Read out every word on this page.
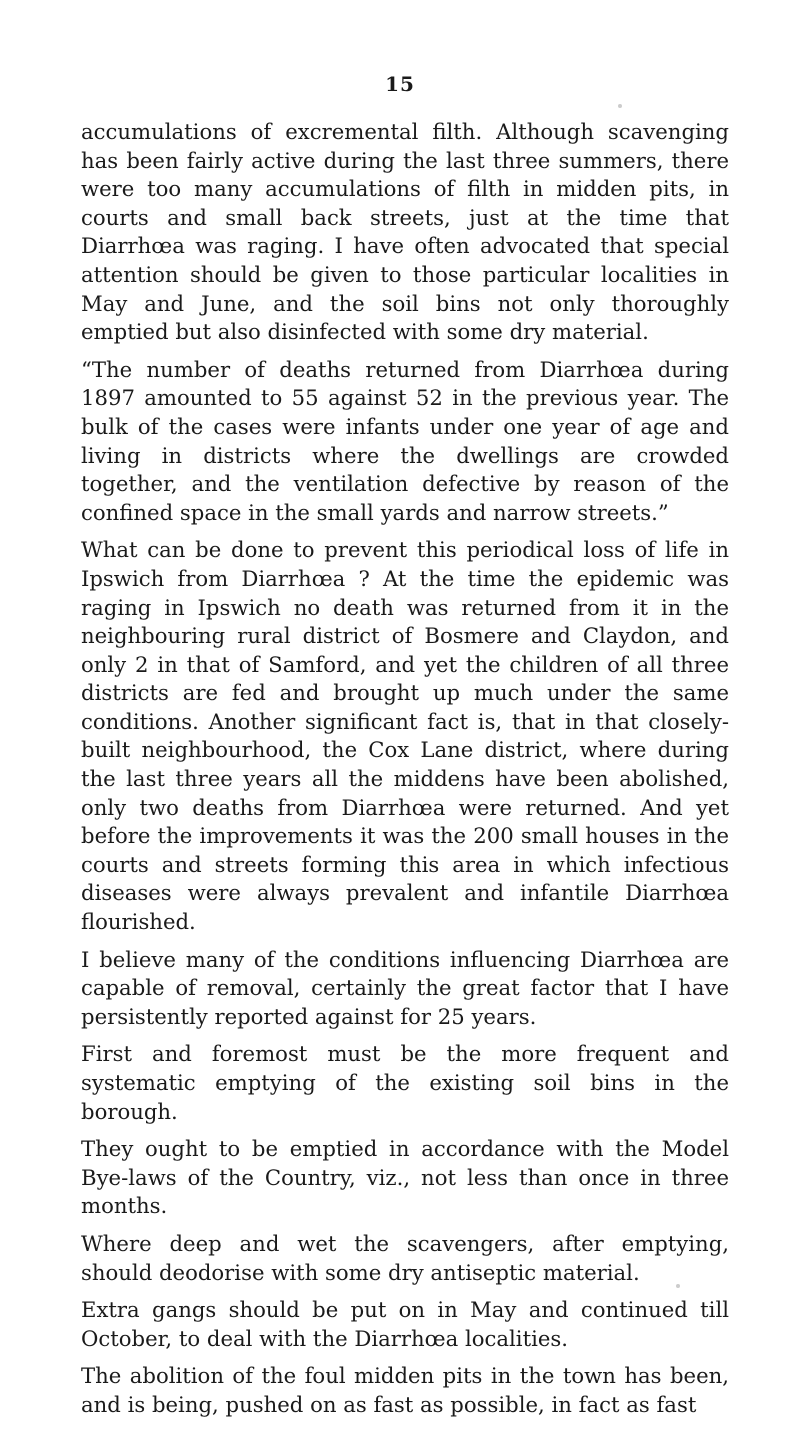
15

accumulations of excremental filth. Although scavenging has been fairly active during the last three summers, there were too many accumulations of filth in midden pits, in courts and small back streets, just at the time that Diarrhœa was raging. I have often advocated that special attention should be given to those particular localities in May and June, and the soil bins not only thoroughly emptied but also disinfected with some dry material.

“The number of deaths returned from Diarrhœa during 1897 amounted to 55 against 52 in the previous year. The bulk of the cases were infants under one year of age and living in districts where the dwellings are crowded together, and the ventilation defective by reason of the confined space in the small yards and narrow streets.”

What can be done to prevent this periodical loss of life in Ipswich from Diarrhœa ? At the time the epidemic was raging in Ipswich no death was returned from it in the neighbouring rural district of Bosmere and Claydon, and only 2 in that of Samford, and yet the children of all three districts are fed and brought up much under the same conditions. Another significant fact is, that in that closely-built neighbourhood, the Cox Lane district, where during the last three years all the middens have been abolished, only two deaths from Diarrhœa were returned. And yet before the improvements it was the 200 small houses in the courts and streets forming this area in which infectious diseases were always prevalent and infantile Diarrhœa flourished.

I believe many of the conditions influencing Diarrhœa are capable of removal, certainly the great factor that I have persistently reported against for 25 years.

First and foremost must be the more frequent and systematic emptying of the existing soil bins in the borough.

They ought to be emptied in accordance with the Model Bye-laws of the Country, viz., not less than once in three months.

Where deep and wet the scavengers, after emptying, should deodorise with some dry antiseptic material.

Extra gangs should be put on in May and continued till October, to deal with the Diarrhœa localities.

The abolition of the foul midden pits in the town has been, and is being, pushed on as fast as possible, in fact as fast
